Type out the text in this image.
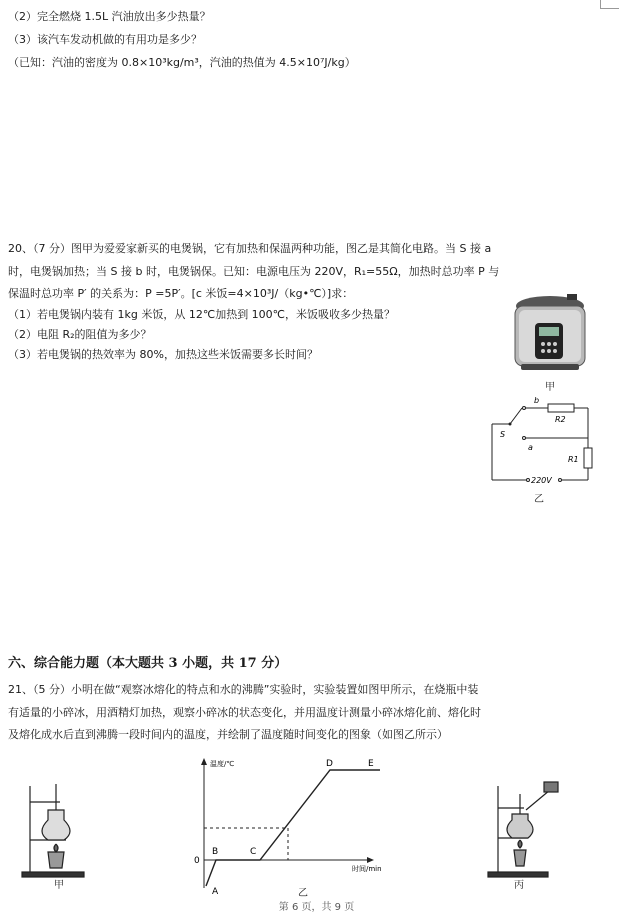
（2）完全燃烧 1.5L 汽油放出多少热量？
（3）该汽车发动机做的有用功是多少？
（已知：汽油的密度为 0.8×10³kg/m³，汽油的热值为 4.5×10⁷J/kg）
20、（7 分）图甲为爱爱家新买的电煲锅，它有加热和保温两种功能，图乙是其简化电路。当 S 接 a
时，电煲锅加热；当 S 接 b 时，电煲锅保。已知：电源电压为 220V，R₁=55Ω，加热时总功率 P 与
保温时总功率 P′ 的关系为：P =5P′。[c 米饭=4×10³J/（kg•℃）]求：
（1）若电煲锅内装有 1kg 米饭，从 12℃加热到 100℃，米饭吸收多少热量？
（2）电阻 R₂的阻值为多少？
（3）若电煲锅的热效率为 80%，加热这些米饭需要多长时间？
甲
b
a
S
R2
R1
220V
乙
六、综合能力题（本大题共 3 小题，共 17 分）
21、（5 分）小明在做“观察冰熔化的特点和水的沸腾”实验时，实验装置如图甲所示，在烧瓶中装
有适量的小碎冰，用酒精灯加热，观察小碎冰的状态变化，并用温度计测量小碎冰熔化前、熔化时
及熔化成水后直到沸腾一段时间内的温度，并绘制了温度随时间变化的图象（如图乙所示）
甲
温度/℃
时间/min
0
A
B	C
D	E
乙
丙
第 6 页，共 9 页
